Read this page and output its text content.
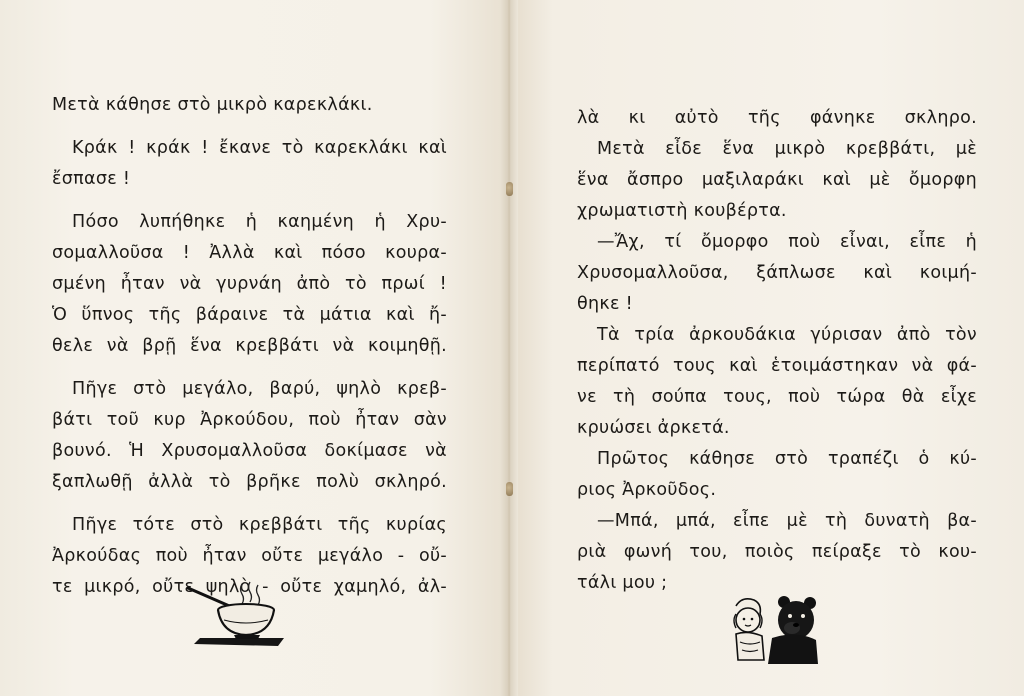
Μετὰ κάθησε στὸ μικρὸ καρεκλάκι.
Κράκ ! κράκ ! ἔκανε τὸ καρεκλάκι καὶ
ἔσπασε !
Πόσο λυπήθηκε ἡ καημένη ἡ Χρυ-
σομαλλοῦσα ! Ἀλλὰ καὶ πόσο κουρα-
σμένη ἦταν νὰ γυρνάη ἀπὸ τὸ πρωί !
Ὁ ὕπνος τῆς βάραινε τὰ μάτια καὶ ἤ-
θελε νὰ βρῇ ἕνα κρεββάτι νὰ κοιμηθῇ.
Πῆγε στὸ μεγάλο, βαρύ, ψηλὸ κρεβ-
βάτι τοῦ κυρ Ἀρκούδου, ποὺ ἦταν σὰν
βουνό. Ἡ Χρυσομαλλοῦσα δοκίμασε νὰ
ξαπλωθῇ ἀλλὰ τὸ βρῆκε πολὺ σκληρό.
Πῆγε τότε στὸ κρεββάτι τῆς κυρίας
Ἀρκούδας ποὺ ἦταν οὔτε μεγάλο - οὔ-
τε μικρό, οὔτε ψηλὸ - οὔτε χαμηλό, ἀλ-
λὰ κι αὐτὸ τῆς φάνηκε σκληρο.
Μετὰ εἶδε ἕνα μικρὸ κρεββάτι, μὲ
ἕνα ἄσπρο μαξιλαράκι καὶ μὲ ὄμορφη
χρωματιστὴ κουβέρτα.
—Ἄχ, τί ὄμορφο ποὺ εἶναι, εἶπε ἡ
Χρυσομαλλοῦσα, ξάπλωσε καὶ κοιμή-
θηκε !
Τὰ τρία ἀρκουδάκια γύρισαν ἀπὸ τὸν
περίπατό τους καὶ ἑτοιμάστηκαν νὰ φά-
νε τὴ σούπα τους, ποὺ τώρα θὰ εἶχε
κρυώσει ἀρκετά.
Πρῶτος κάθησε στὸ τραπέζι ὁ κύ-
ριος Ἀρκοῦδος.
—Μπά, μπά, εἶπε μὲ τὴ δυνατὴ βα-
ριὰ φωνή του, ποιὸς πείραξε τὸ κου-
τάλι μου ;
